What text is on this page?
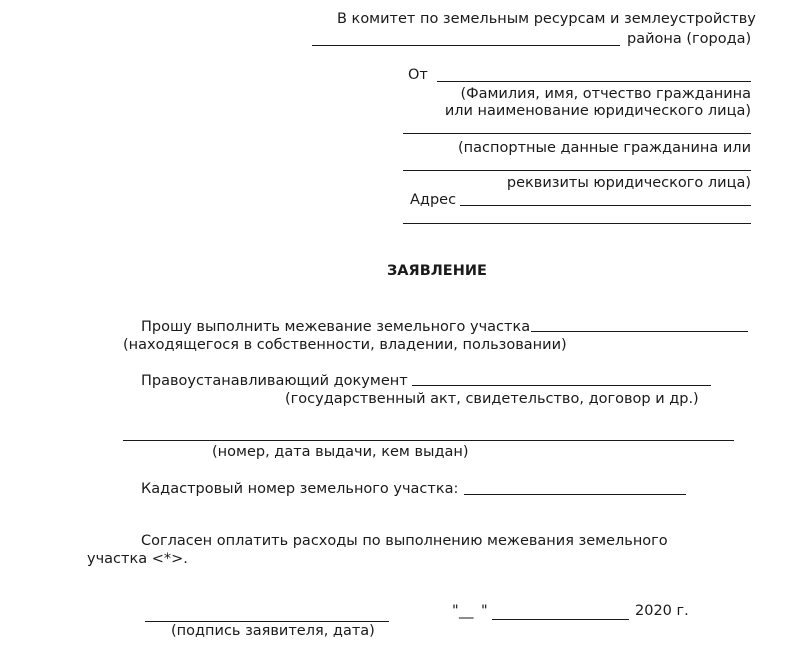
В комитет по земельным ресурсам и землеустройству
районa (города)
От
(Фамилия, имя, отчество гражданина
или наименование юридического лица)
(паспортные данные гражданина или
реквизиты юридического лица)
Адрес
ЗАЯВЛЕНИЕ
Прошу выполнить межевание земельного участка
(находящегося в собственности, владении, пользовании)
Правоустанавливающий документ
(государственный акт, свидетельство, договор и др.)
(номер, дата выдачи, кем выдан)
Кадастровый номер земельного участка:
Согласен оплатить расходы по выполнению межевания земельного
участка <*>.
(подпись заявителя, дата)
" __ "	2020 г.
